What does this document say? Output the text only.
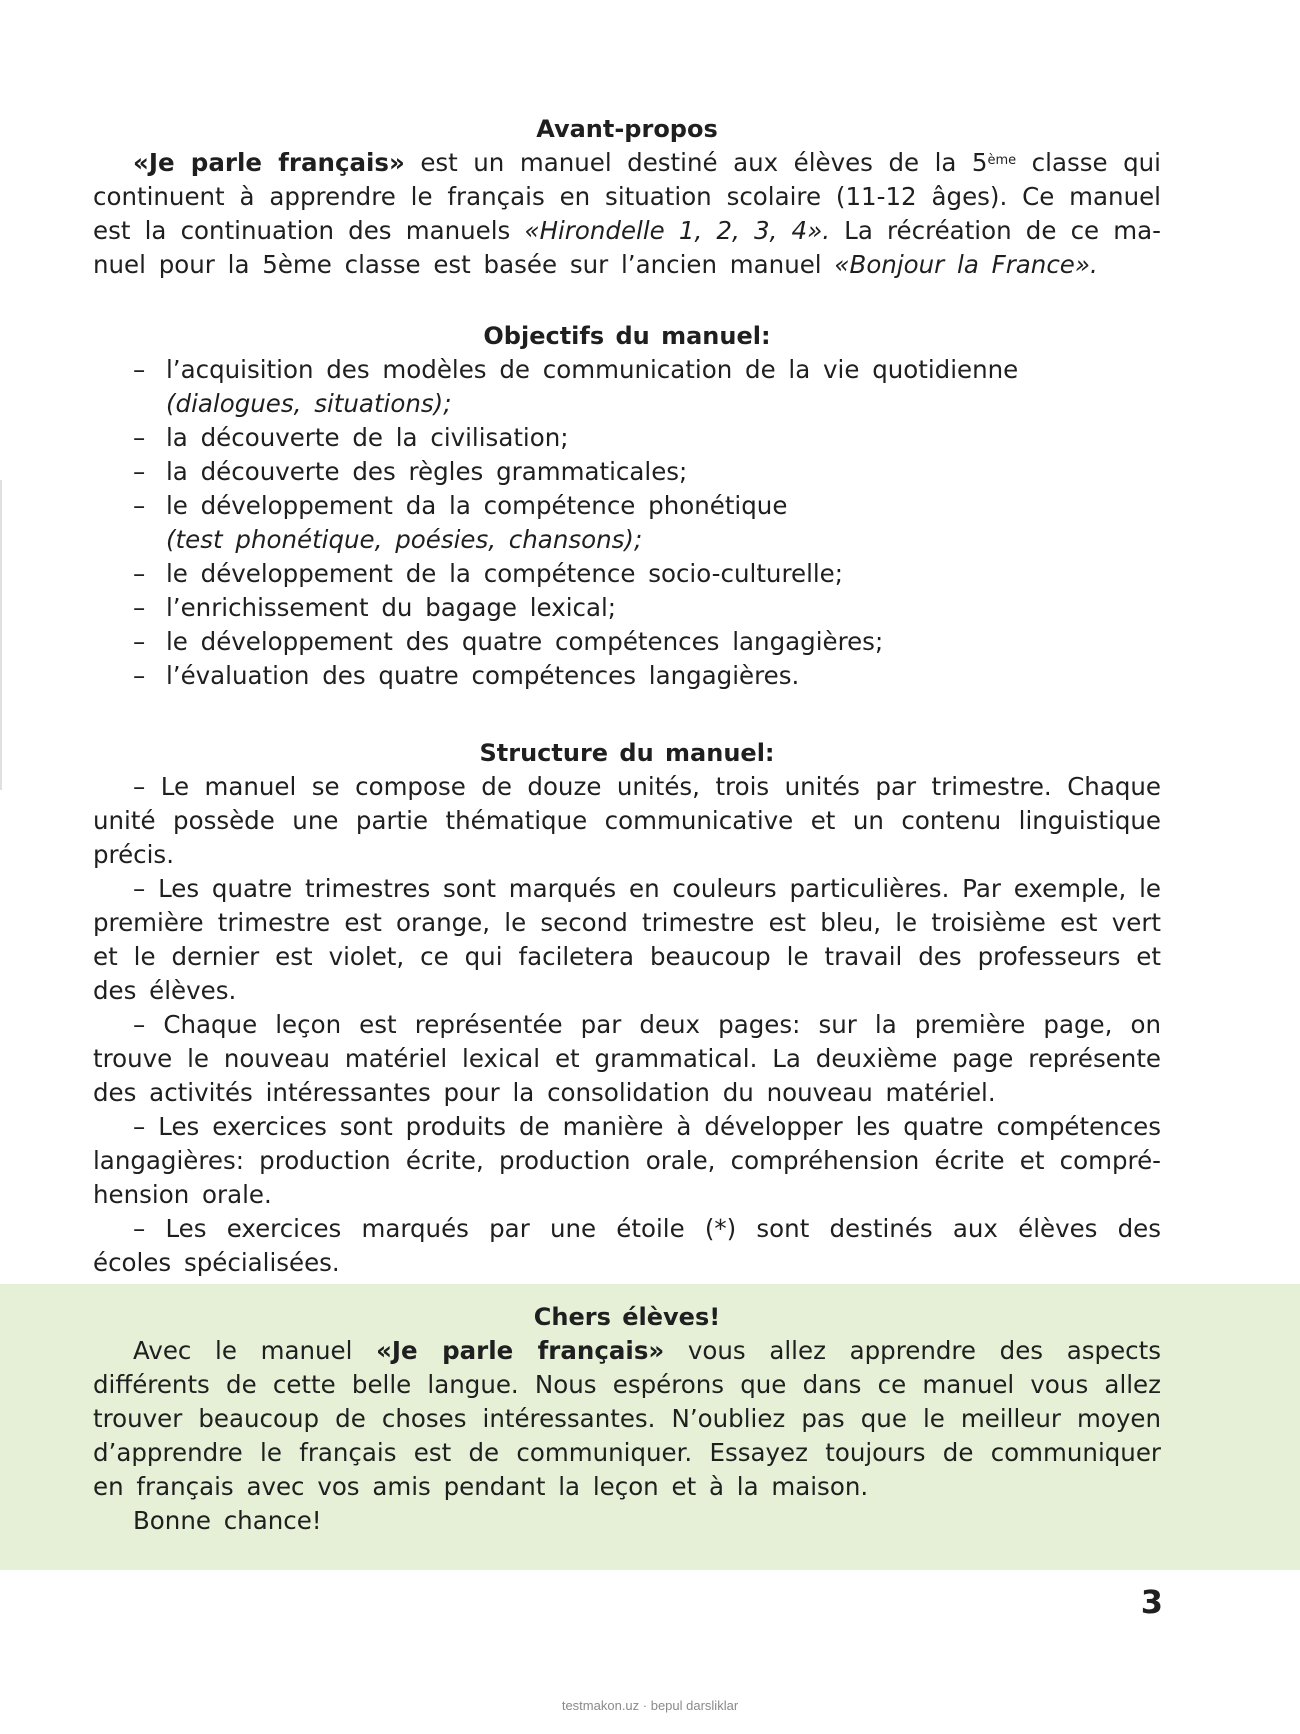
Avant-propos
«Je parle français» est un manuel destiné aux élèves de la 5ème classe qui continuent à apprendre le français en situation scolaire (11-12 âges). Ce manuel est la continuation des manuels «Hirondelle 1, 2, 3, 4». La récréation de ce manuel pour la 5ème classe est basée sur l’ancien manuel «Bonjour la France».
Objectifs du manuel:
– l’acquisition des modèles de communication de la vie quotidienne
(dialogues, situations);
– la découverte de la civilisation;
– la découverte des règles grammaticales;
– le développement da la compétence phonétique
(test phonétique, poésies, chansons);
– le développement de la compétence socio-culturelle;
– l’enrichissement du bagage lexical;
– le développement des quatre compétences langagières;
– l’évaluation des quatre compétences langagières.
Structure du manuel:
– Le manuel se compose de douze unités, trois unités par trimestre. Chaque unité possède une partie thématique communicative et un contenu linguistique précis.
– Les quatre trimestres sont marqués en couleurs particulières. Par exemple, le première trimestre est orange, le second trimestre est bleu, le troisième est vert et le dernier est violet, ce qui faciletera beaucoup le travail des professeurs et des élèves.
– Chaque leçon est représentée par deux pages: sur la première page, on trouve le nouveau matériel lexical et grammatical. La deuxième page représente des activités intéressantes pour la consolidation du nouveau matériel.
– Les exercices sont produits de manière à développer les quatre compétences langagières: production écrite, production orale, compréhension écrite et compréhension orale.
– Les exercices marqués par une étoile (*) sont destinés aux élèves des écoles spécialisées.
Chers élèves!
Avec le manuel «Je parle français» vous allez apprendre des aspects différents de cette belle langue. Nous espérons que dans ce manuel vous allez trouver beaucoup de choses intéressantes. N’oubliez pas que le meilleur moyen d’apprendre le français est de communiquer. Essayez toujours de communiquer en français avec vos amis pendant la leçon et à la maison.
Bonne chance!
3
testmakon.uz · bepul darsliklar
